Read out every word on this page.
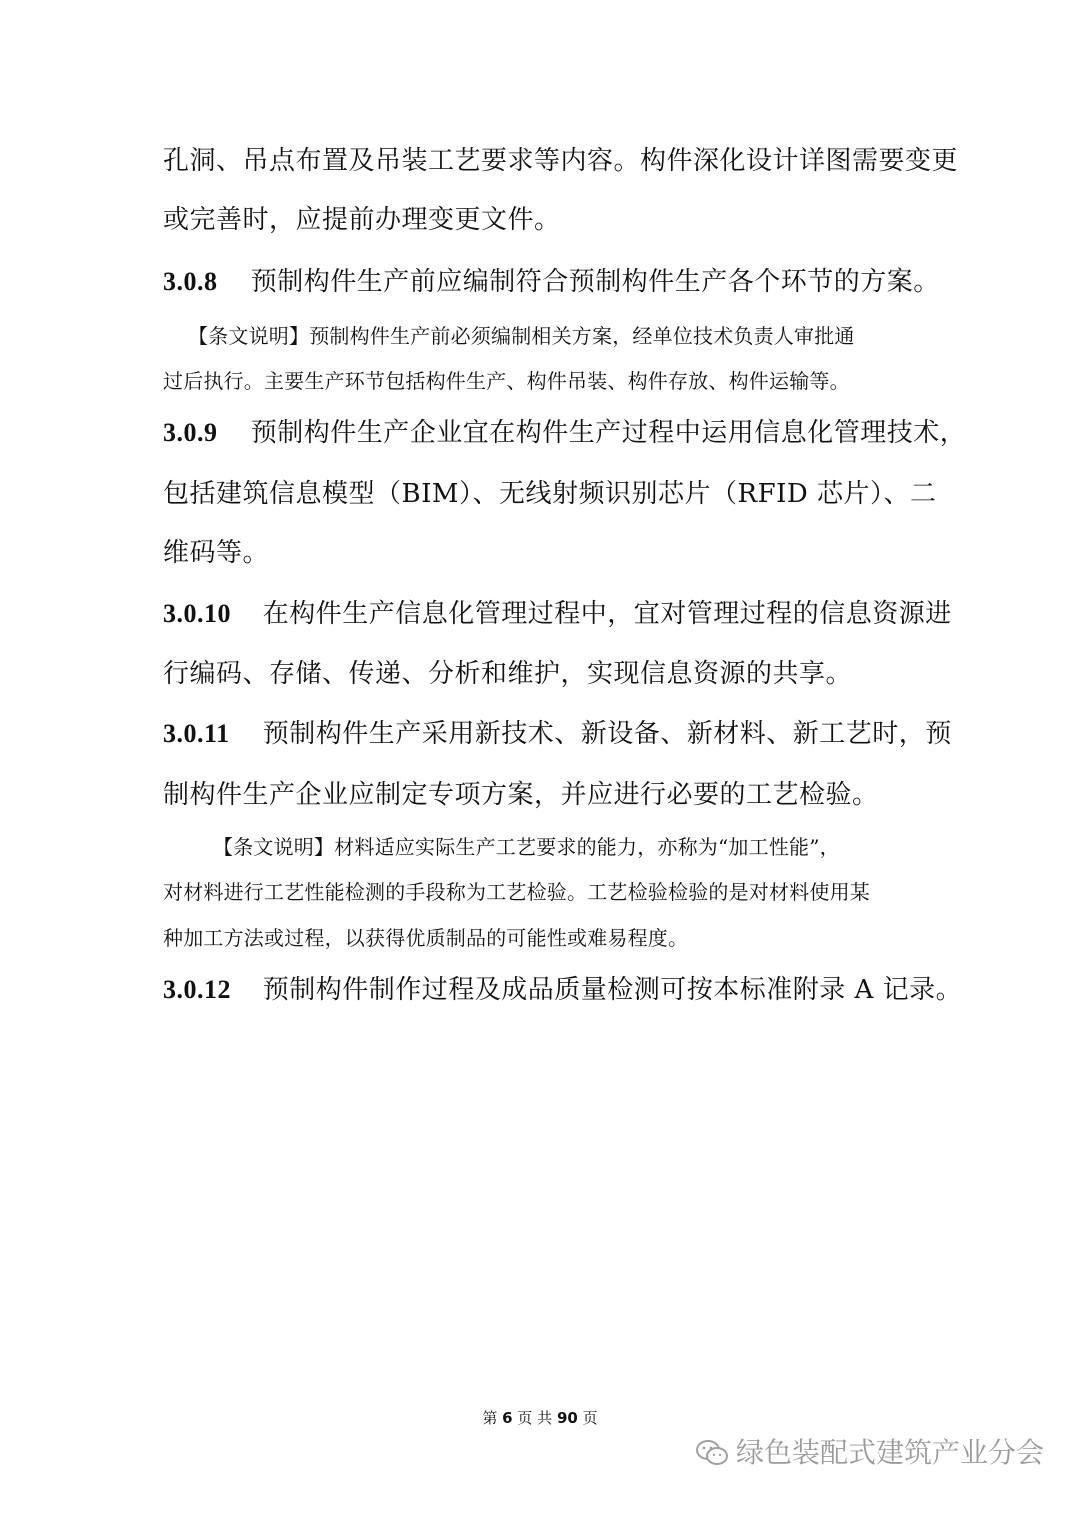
孔洞、吊点布置及吊装工艺要求等内容。构件深化设计详图需要变更
或完善时，应提前办理变更文件。
3.0.8 预制构件生产前应编制符合预制构件生产各个环节的方案。
【条文说明】预制构件生产前必须编制相关方案，经单位技术负责人审批通
过后执行。主要生产环节包括构件生产、构件吊装、构件存放、构件运输等。
3.0.9 预制构件生产企业宜在构件生产过程中运用信息化管理技术，
包括建筑信息模型（BIM）、无线射频识别芯片（RFID 芯片）、二
维码等。
3.0.10 在构件生产信息化管理过程中，宜对管理过程的信息资源进
行编码、存储、传递、分析和维护，实现信息资源的共享。
3.0.11 预制构件生产采用新技术、新设备、新材料、新工艺时，预
制构件生产企业应制定专项方案，并应进行必要的工艺检验。
【条文说明】材料适应实际生产工艺要求的能力，亦称为“加工性能”，
对材料进行工艺性能检测的手段称为工艺检验。工艺检验检验的是对材料使用某
种加工方法或过程，以获得优质制品的可能性或难易程度。
3.0.12 预制构件制作过程及成品质量检测可按本标准附录 A 记录。
第 6 页 共 90 页
绿色装配式建筑产业分会
